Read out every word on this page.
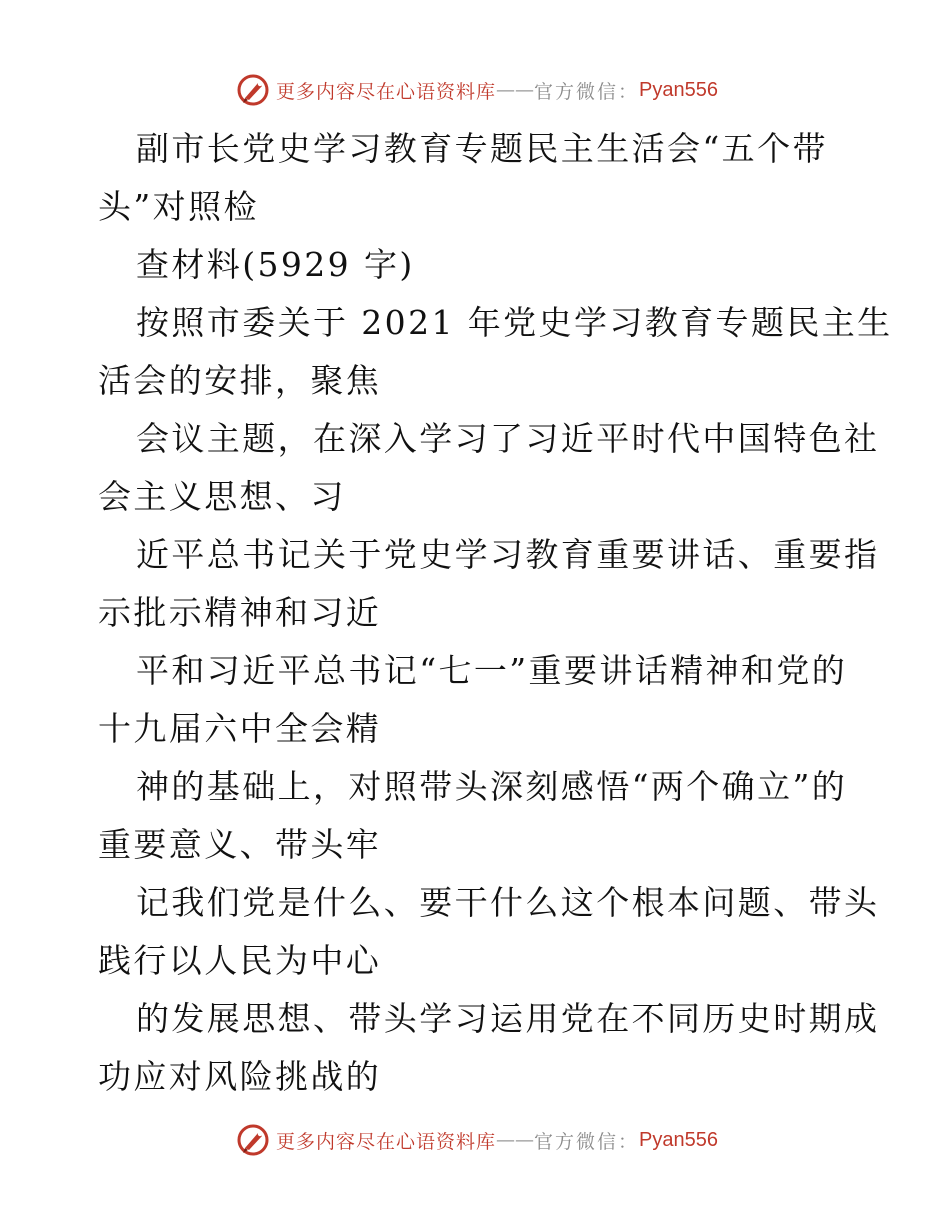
更多内容尽在心语资料库 —— 官方微信： Pyan556
副市长党史学习教育专题民主生活会“五个带
头”对照检
查材料(5929 字)
按照市委关于 2021 年党史学习教育专题民主生
活会的安排，聚焦
会议主题，在深入学习了习近平时代中国特色社
会主义思想、习
近平总书记关于党史学习教育重要讲话、重要指
示批示精神和习近
平和习近平总书记“七一”重要讲话精神和党的
十九届六中全会精
神的基础上，对照带头深刻感悟“两个确立”的
重要意义、带头牢
记我们党是什么、要干什么这个根本问题、带头
践行以人民为中心
的发展思想、带头学习运用党在不同历史时期成
功应对风险挑战的
更多内容尽在心语资料库 —— 官方微信： Pyan556
